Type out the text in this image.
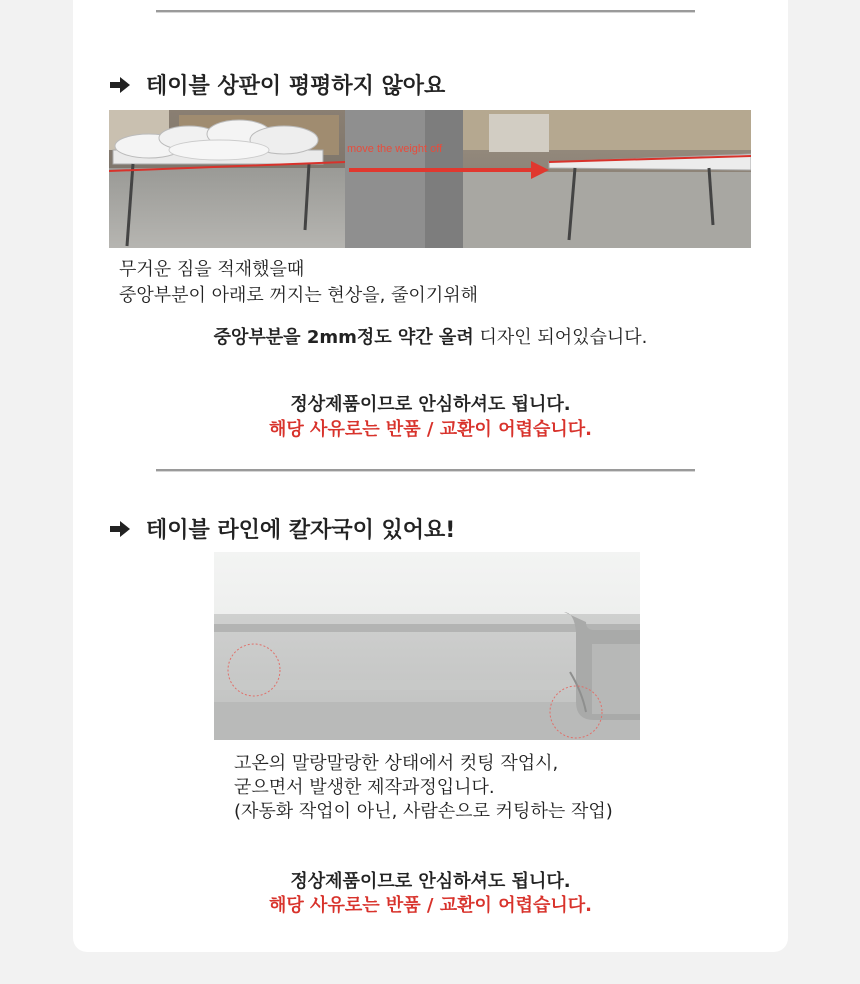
테이블 상판이 평평하지 않아요
move the weight off
무거운 짐을 적재했을때
중앙부분이 아래로 꺼지는 현상을, 줄이기위해
중앙부분을 2mm정도 약간 올려 디자인 되어있습니다.
정상제품이므로 안심하셔도 됩니다.
해당 사유로는 반품 / 교환이 어렵습니다.
테이블 라인에 칼자국이 있어요!
고온의 말랑말랑한 상태에서 컷팅 작업시,
굳으면서 발생한 제작과정입니다.
(자동화 작업이 아닌, 사람손으로 커팅하는 작업)
정상제품이므로 안심하셔도 됩니다.
해당 사유로는 반품 / 교환이 어렵습니다.
